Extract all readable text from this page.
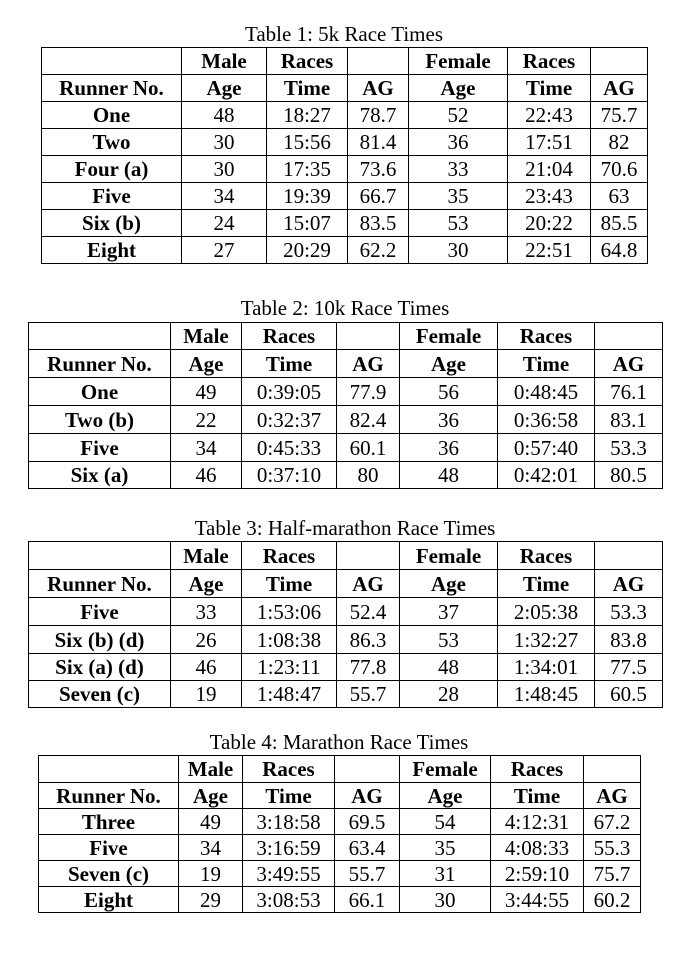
Table 1: 5k Race Times
	Male	Races		Female	Races	
Runner No.	Age	Time	AG	Age	Time	AG
One	48	18:27	78.7	52	22:43	75.7
Two	30	15:56	81.4	36	17:51	82
Four (a)	30	17:35	73.6	33	21:04	70.6
Five	34	19:39	66.7	35	23:43	63
Six (b)	24	15:07	83.5	53	20:22	85.5
Eight	27	20:29	62.2	30	22:51	64.8
Table 2: 10k Race Times
	Male	Races		Female	Races	
Runner No.	Age	Time	AG	Age	Time	AG
One	49	0:39:05	77.9	56	0:48:45	76.1
Two (b)	22	0:32:37	82.4	36	0:36:58	83.1
Five	34	0:45:33	60.1	36	0:57:40	53.3
Six (a)	46	0:37:10	80	48	0:42:01	80.5
Table 3: Half-marathon Race Times
	Male	Races		Female	Races	
Runner No.	Age	Time	AG	Age	Time	AG
Five	33	1:53:06	52.4	37	2:05:38	53.3
Six (b) (d)	26	1:08:38	86.3	53	1:32:27	83.8
Six (a) (d)	46	1:23:11	77.8	48	1:34:01	77.5
Seven (c)	19	1:48:47	55.7	28	1:48:45	60.5
Table 4: Marathon Race Times
	Male	Races		Female	Races	
Runner No.	Age	Time	AG	Age	Time	AG
Three	49	3:18:58	69.5	54	4:12:31	67.2
Five	34	3:16:59	63.4	35	4:08:33	55.3
Seven (c)	19	3:49:55	55.7	31	2:59:10	75.7
Eight	29	3:08:53	66.1	30	3:44:55	60.2
